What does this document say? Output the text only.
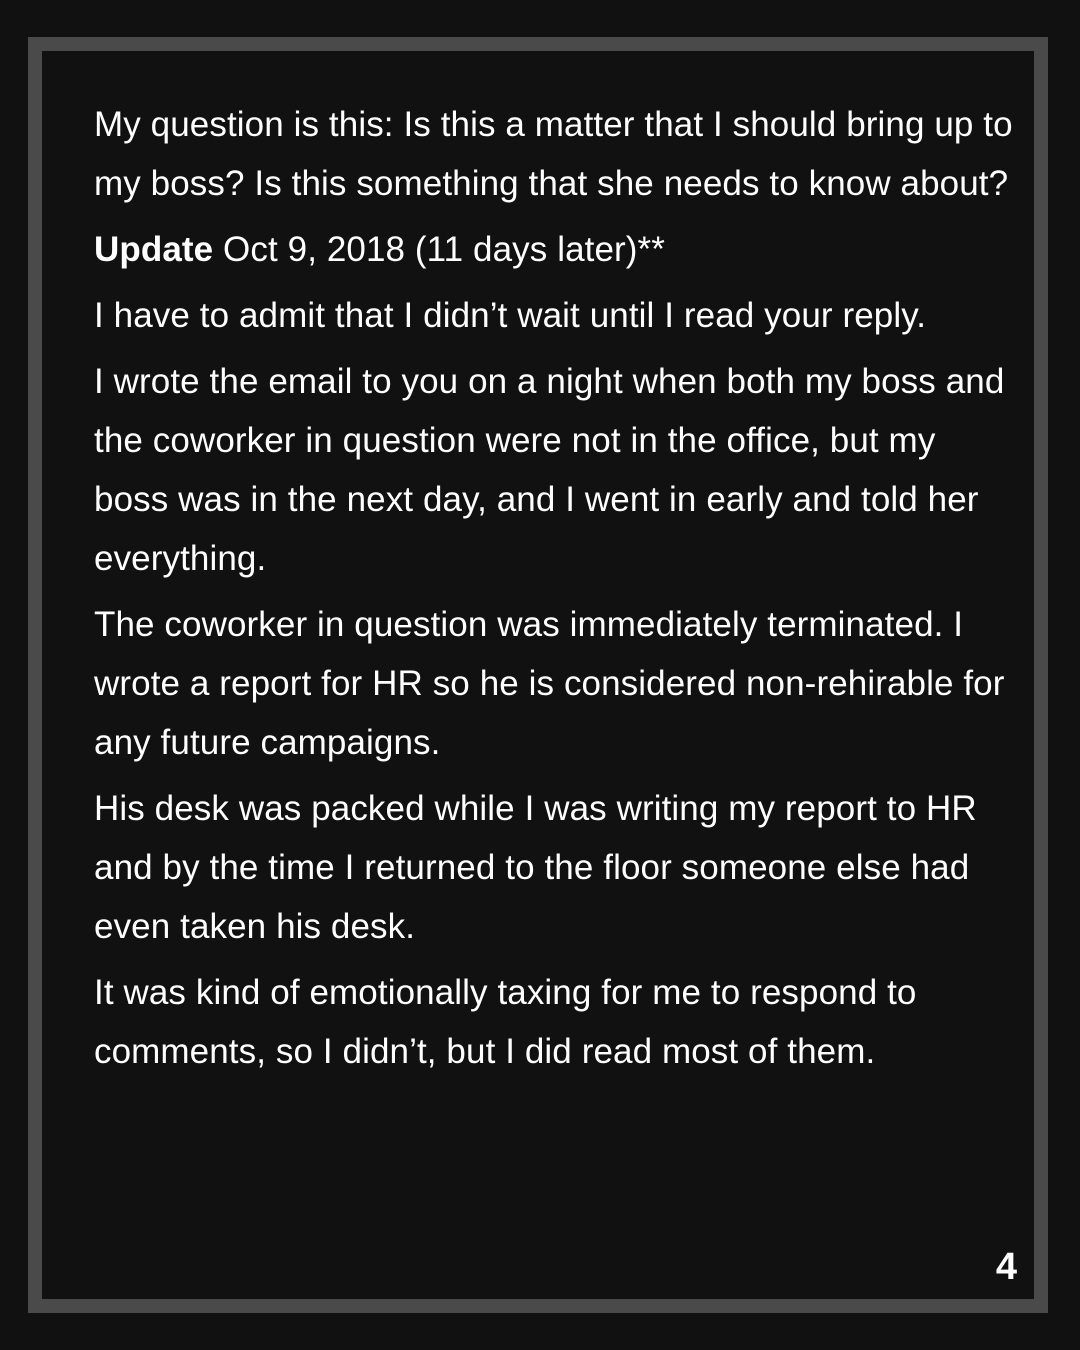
My question is this: Is this a matter that I should bring up to my boss? Is this something that she needs to know about?

Update Oct 9, 2018 (11 days later)**

I have to admit that I didn’t wait until I read your reply.

I wrote the email to you on a night when both my boss and the coworker in question were not in the office, but my boss was in the next day, and I went in early and told her everything.

The coworker in question was immediately terminated. I wrote a report for HR so he is considered non-rehirable for any future campaigns.

His desk was packed while I was writing my report to HR and by the time I returned to the floor someone else had even taken his desk.

It was kind of emotionally taxing for me to respond to comments, so I didn’t, but I did read most of them.

4
